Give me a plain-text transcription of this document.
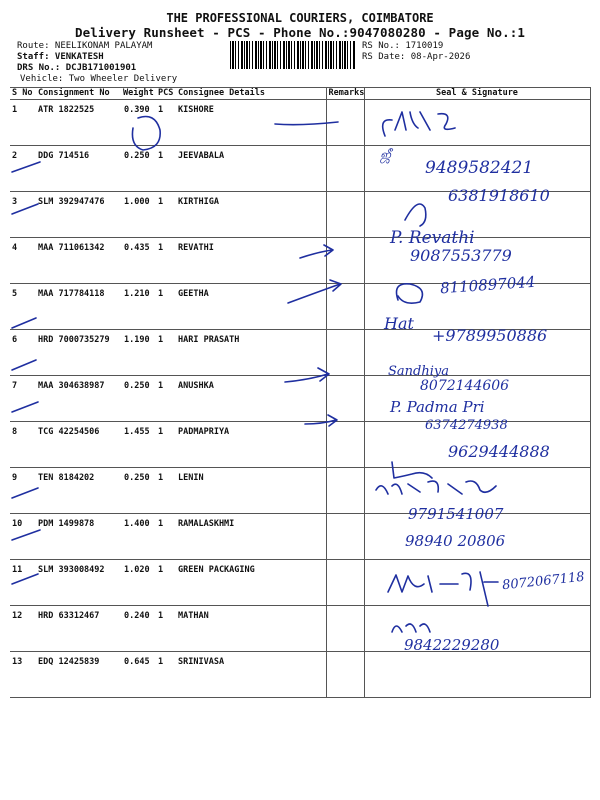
THE PROFESSIONAL COURIERS, COIMBATORE
Delivery Runsheet - PCS - Phone No.:9047080280 - Page No.:1
Route: NEELIKONAM PALAYAM
Staff: VENKATESH
DRS No.: DCJB171001901
Vehicle: Two Wheeler Delivery
RS No.: 1710019
RS Date: 08-Apr-2026
S No	Consignment No	Weight	PCS	Consignee Details	Remarks	Seal & Signature
1	ATR 1822525	0.390	1	KISHORE		
2	DDG 714516	0.250	1	JEEVABALA		
3	SLM 392947476	1.000	1	KIRTHIGA		
4	MAA 711061342	0.435	1	REVATHI		
5	MAA 717784118	1.210	1	GEETHA		
6	HRD 7000735279	1.190	1	HARI PRASATH		
7	MAA 304638987	0.250	1	ANUSHKA		
8	TCG 42254506	1.455	1	PADMAPRIYA		
9	TEN 8184202	0.250	1	LENIN		
10	PDM 1499878	1.400	1	RAMALASKHMI		
11	SLM 393008492	1.020	1	GREEN PACKAGING		
12	HRD 63312467	0.240	1	MATHAN		
13	EDQ 12425839	0.645	1	SRINIVASA		
ஜீ
9489582421
6381918610
P. Revathi
9087553779
8110897044
Hat
+9789950886
Sandhiya
8072144606
P. Padma Pri
6374274938
9629444888
9791541007
98940 20806
8072067118
9842229280
